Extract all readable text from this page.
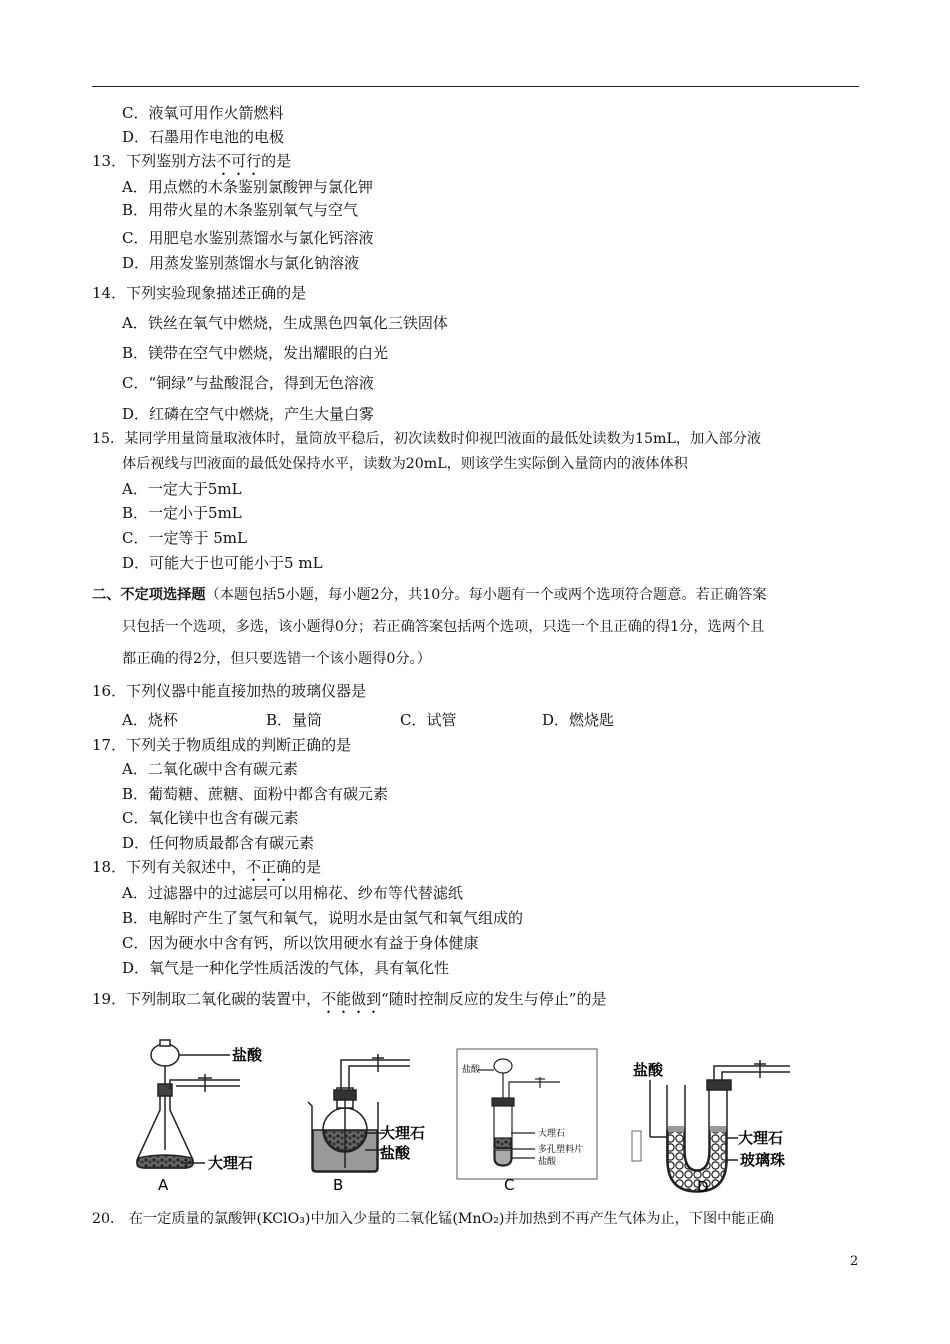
C．液氧可用作火箭燃料
D．石墨用作电池的电极
13．下列鉴别方法不可行的是
A．用点燃的木条鉴别氯酸钾与氯化钾
B．用带火星的木条鉴别氧气与空气
C．用肥皂水鉴别蒸馏水与氯化钙溶液
D．用蒸发鉴别蒸馏水与氯化钠溶液
14．下列实验现象描述正确的是
A．铁丝在氧气中燃烧，生成黑色四氧化三铁固体
B．镁带在空气中燃烧，发出耀眼的白光
C．“铜绿”与盐酸混合，得到无色溶液
D．红磷在空气中燃烧，产生大量白雾
15．某同学用量筒量取液体时，量筒放平稳后，初次读数时仰视凹液面的最低处读数为15mL，加入部分液
体后视线与凹液面的最低处保持水平，读数为20mL，则该学生实际倒入量筒内的液体体积
A．一定大于5mL
B．一定小于5mL
C．一定等于 5mL
D．可能大于也可能小于5 mL
二、不定项选择题（本题包括5小题，每小题2分，共10分。每小题有一个或两个选项符合题意。若正确答案
只包括一个选项，多选，该小题得0分；若正确答案包括两个选项，只选一个且正确的得1分，选两个且
都正确的得2分，但只要选错一个该小题得0分。）
16．下列仪器中能直接加热的玻璃仪器是
A．烧杯	B．量筒	C．试管	D．燃烧匙
17．下列关于物质组成的判断正确的是
A．二氧化碳中含有碳元素
B．葡萄糖、蔗糖、面粉中都含有碳元素
C．氧化镁中也含有碳元素
D．任何物质最都含有碳元素
18．下列有关叙述中，不正确的是
A．过滤器中的过滤层可以用棉花、纱布等代替滤纸
B．电解时产生了氢气和氧气，说明水是由氢气和氧气组成的
C．因为硬水中含有钙，所以饮用硬水有益于身体健康
D．氧气是一种化学性质活泼的气体，具有氧化性
19．下列制取二氧化碳的装置中，不能做到“随时控制反应的发生与停止”的是
盐酸
大理石
A
大理石
盐酸
B
盐酸
大理石
多孔塑料片
盐酸
C
盐酸
大理石
玻璃珠
D
20． 在一定质量的氯酸钾(KClO₃)中加入少量的二氧化锰(MnO₂)并加热到不再产生气体为止，下图中能正确
2
